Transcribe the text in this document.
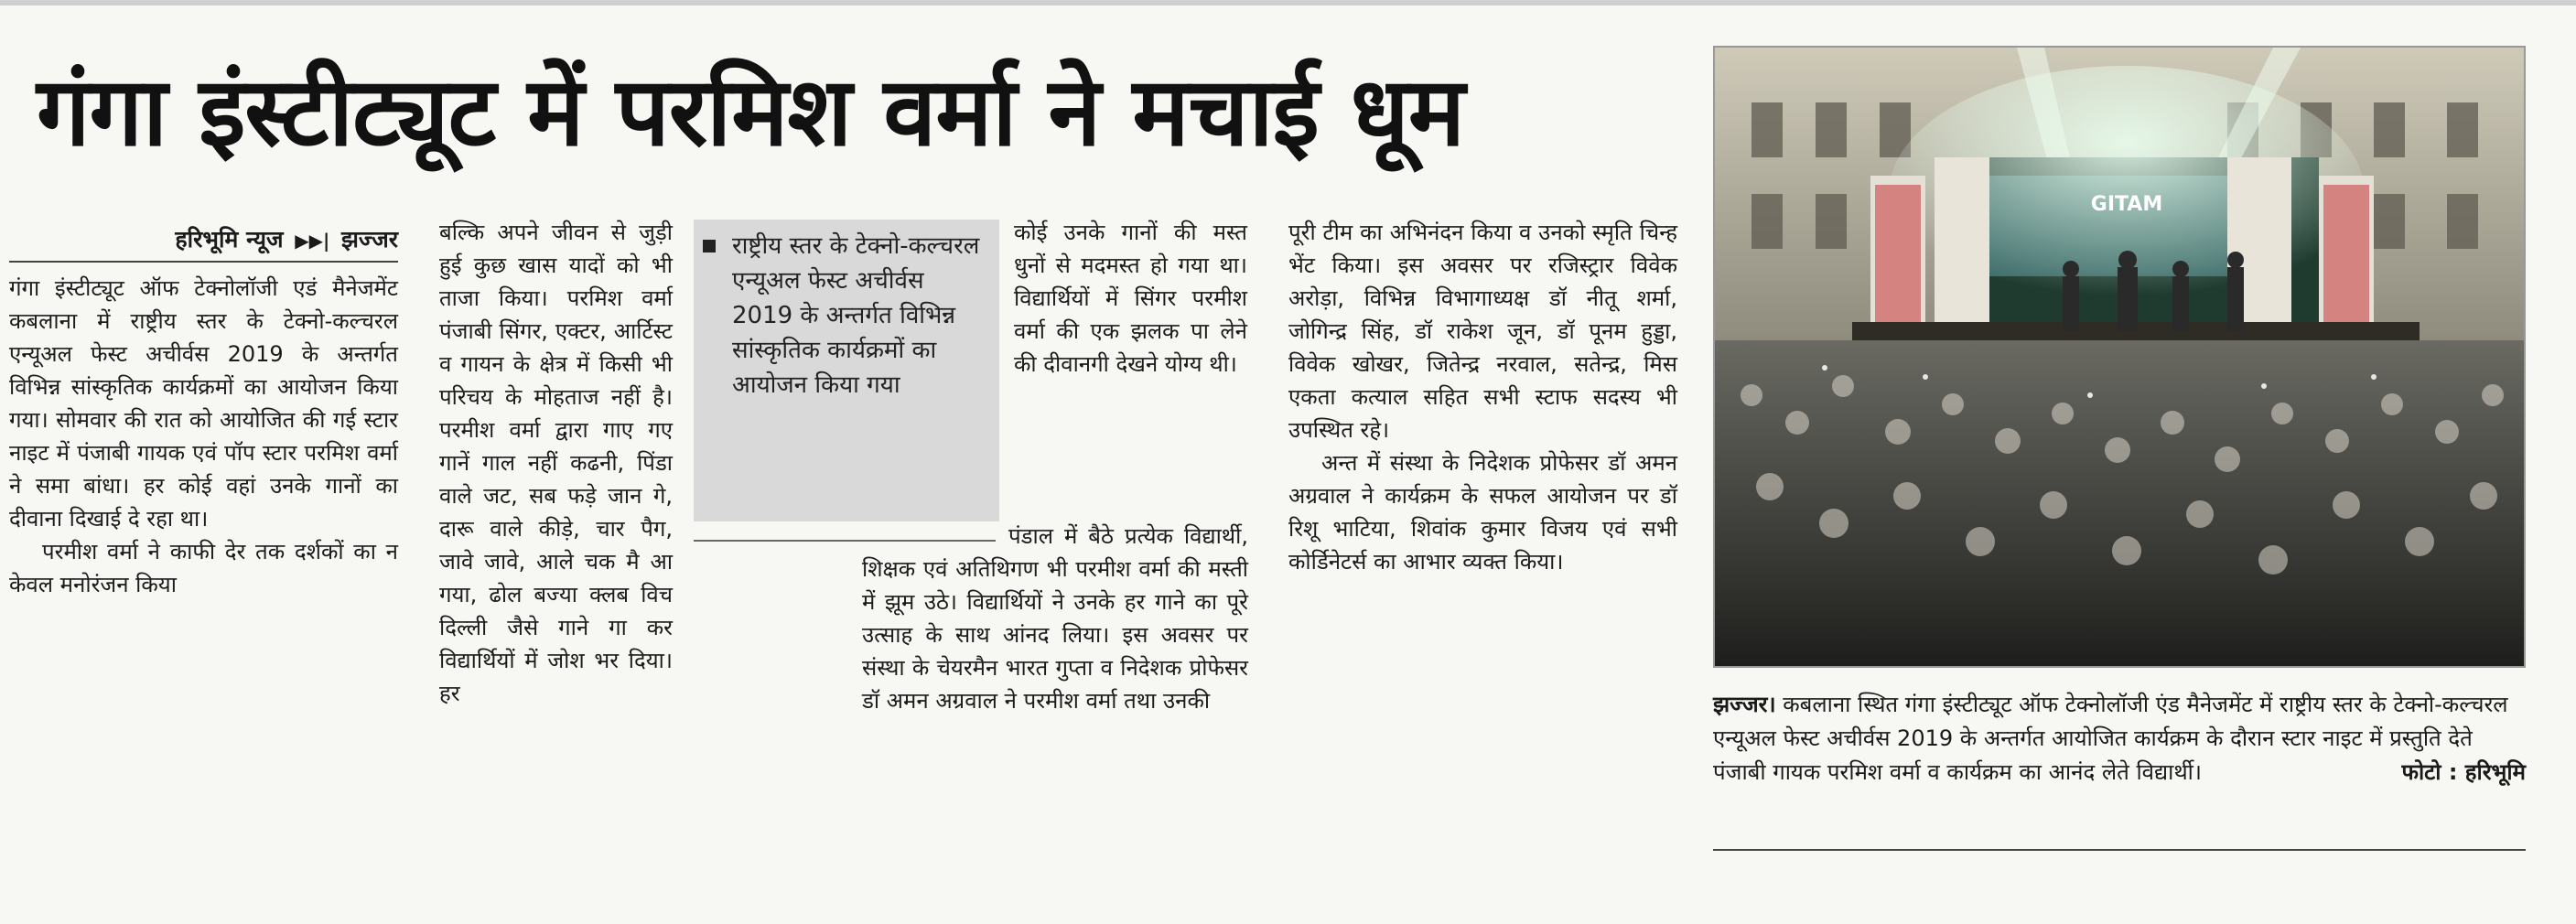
गंगा इंस्टीट्यूट में परमिश वर्मा ने मचाई धूम
हरिभूमि न्यूज ▶▶| झज्जर

गंगा इंस्टीट्यूट ऑफ टेक्नोलॉजी एडं मैनेजमेंट कबलाना में राष्ट्रीय स्तर के टेक्नो-कल्चरल एन्यूअल फेस्ट अचीर्वस 2019 के अन्तर्गत विभिन्न सांस्कृतिक कार्यक्रमों का आयोजन किया गया। सोमवार की रात को आयोजित की गई स्टार नाइट में पंजाबी गायक एवं पॉप स्टार परमिश वर्मा ने समा बांधा। हर कोई वहां उनके गानों का दीवाना दिखाई दे रहा था।

परमीश वर्मा ने काफी देर तक दर्शकों का न केवल मनोरंजन किया

बल्कि अपने जीवन से जुड़ी हुई कुछ खास यादों को भी ताजा किया। परमिश वर्मा पंजाबी सिंगर, एक्टर, आर्टिस्ट व गायन के क्षेत्र में किसी भी परिचय के मोहताज नहीं है। परमीश वर्मा द्वारा गाए गए गानें गाल नहीं कढनी, पिंडा वाले जट, सब फड़े जान गे, दारू वाले कीड़े, चार पैग, जावे जावे, आले चक मै आ गया, ढोल बज्या क्लब विच दिल्ली जैसे गाने गा कर विद्यार्थियों में जोश भर दिया। हर

राष्ट्रीय स्तर के टेक्नो-कल्चरल एन्यूअल फेस्ट अचीर्वस 2019 के अन्तर्गत विभिन्न सांस्कृतिक कार्यक्रमों का आयोजन किया गया

कोई उनके गानों की मस्त धुनों से मदमस्त हो गया था। विद्यार्थियों में सिंगर परमीश वर्मा की एक झलक पा लेने की दीवानगी देखने योग्य थी।

पंडाल में बैठे प्रत्येक विद्यार्थी, शिक्षक एवं अतिथिगण भी परमीश वर्मा की मस्ती में झूम उठे। विद्यार्थियों ने उनके हर गाने का पूरे उत्साह के साथ आंनद लिया। इस अवसर पर संस्था के चेयरमैन भारत गुप्ता व निदेशक प्रोफेसर डॉ अमन अग्रवाल ने परमीश वर्मा तथा उनकी

पूरी टीम का अभिनंदन किया व उनको स्मृति चिन्ह भेंट किया। इस अवसर पर रजिस्ट्रार विवेक अरोड़ा, विभिन्न विभागाध्यक्ष डॉ नीतू शर्मा, जोगिन्द्र सिंह, डॉ राकेश जून, डॉ पूनम हुड्डा, विवेक खोखर, जितेन्द्र नरवाल, सतेन्द्र, मिस एकता कत्याल सहित सभी स्टाफ सदस्य भी उपस्थित रहे।

अन्त में संस्था के निदेशक प्रोफेसर डॉ अमन अग्रवाल ने कार्यक्रम के सफल आयोजन पर डॉ रिशू भाटिया, शिवांक कुमार विजय एवं सभी कोर्डिनेटर्स का आभार व्यक्त किया।

GITAM
झज्जर। कबलाना स्थित गंगा इंस्टीट्यूट ऑफ टेक्नोलॉजी एंड मैनेजमेंट में राष्ट्रीय स्तर के टेक्नो-कल्चरल एन्यूअल फेस्ट अचीर्वस 2019 के अन्तर्गत आयोजित कार्यक्रम के दौरान स्टार नाइट में प्रस्तुति देते पंजाबी गायक परमिश वर्मा व कार्यक्रम का आनंद लेते विद्यार्थी।	फोटो : हरिभूमि
